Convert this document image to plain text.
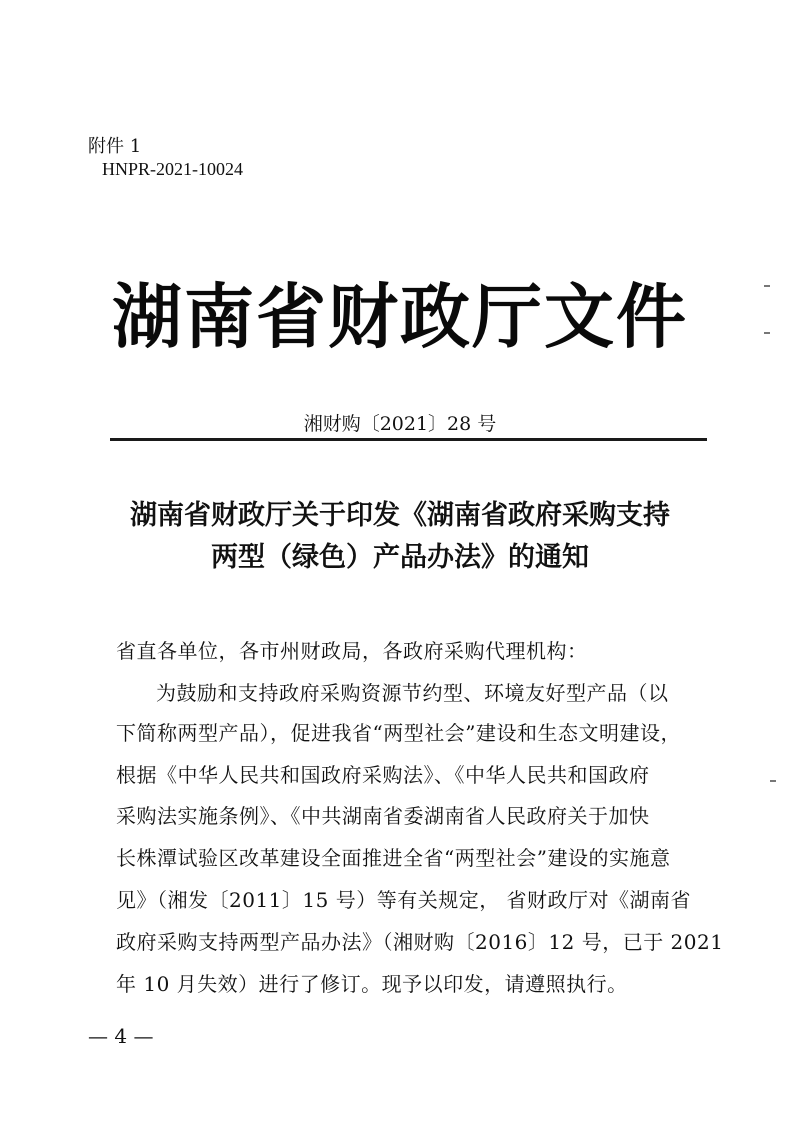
附件 1
HNPR-2021-10024
湖南省财政厅文件
湘财购〔2021〕28 号
湖南省财政厅关于印发《湖南省政府采购支持
两型（绿色）产品办法》的通知
省直各单位，各市州财政局，各政府采购代理机构：
为鼓励和支持政府采购资源节约型、环境友好型产品（以
下简称两型产品），促进我省“两型社会”建设和生态文明建设，
根据《中华人民共和国政府采购法》、《中华人民共和国政府
采购法实施条例》、《中共湖南省委湖南省人民政府关于加快
长株潭试验区改革建设全面推进全省“两型社会”建设的实施意
见》（湘发〔2011〕15 号）等有关规定， 省财政厅对《湖南省
政府采购支持两型产品办法》（湘财购〔2016〕12 号，已于 2021
年 10 月失效）进行了修订。现予以印发，请遵照执行。
— 4 —
